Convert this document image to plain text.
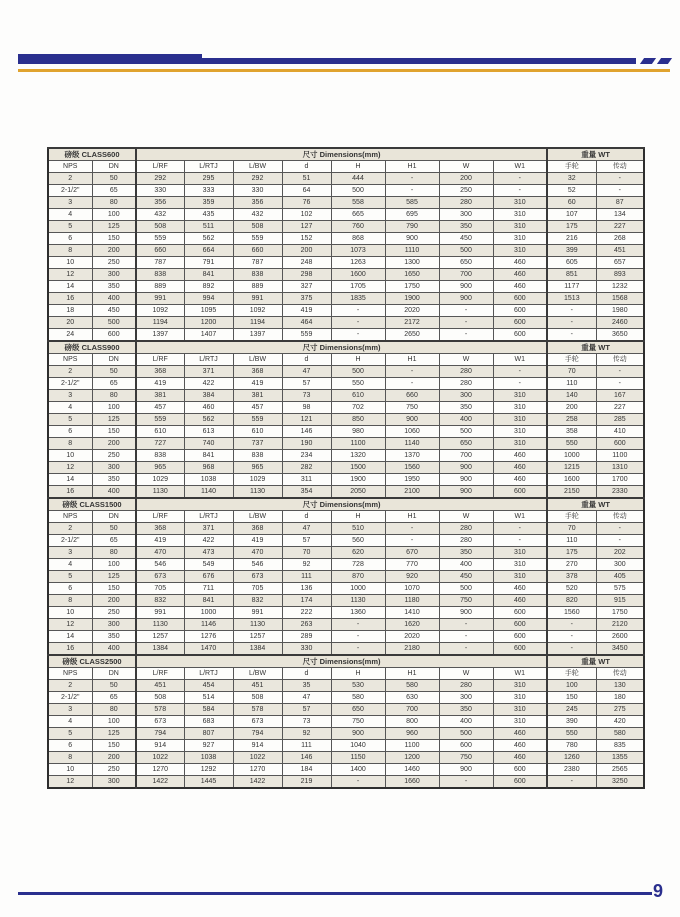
磅级 CLASS600		尺寸 Dimensions(mm)								重量 WT	
NPS	DN	L/RF	L/RTJ	L/BW	d	H	H1	W	W1	手轮	传动
2	50	292	295	292	51	444	-	200	-	32	-
2-1/2"	65	330	333	330	64	500	-	250	-	52	-
3	80	356	359	356	76	558	585	280	310	60	87
4	100	432	435	432	102	665	695	300	310	107	134
5	125	508	511	508	127	760	790	350	310	175	227
6	150	559	562	559	152	868	900	450	310	216	268
8	200	660	664	660	200	1073	1110	500	310	399	451
10	250	787	791	787	248	1263	1300	650	460	605	657
12	300	838	841	838	298	1600	1650	700	460	851	893
14	350	889	892	889	327	1705	1750	900	460	1177	1232
16	400	991	994	991	375	1835	1900	900	600	1513	1568
18	450	1092	1095	1092	419	-	2020	-	600	-	1980
20	500	1194	1200	1194	464	-	2172	-	600	-	2460
24	600	1397	1407	1397	559	-	2650	-	600	-	3650
磅级 CLASS900		尺寸 Dimensions(mm)								重量 WT	
NPS	DN	L/RF	L/RTJ	L/BW	d	H	H1	W	W1	手轮	传动
2	50	368	371	368	47	500	-	280	-	70	-
2-1/2"	65	419	422	419	57	550	-	280	-	110	-
3	80	381	384	381	73	610	660	300	310	140	167
4	100	457	460	457	98	702	750	350	310	200	227
5	125	559	562	559	121	850	900	400	310	258	285
6	150	610	613	610	146	980	1060	500	310	358	410
8	200	727	740	737	190	1100	1140	650	310	550	600
10	250	838	841	838	234	1320	1370	700	460	1000	1100
12	300	965	968	965	282	1500	1560	900	460	1215	1310
14	350	1029	1038	1029	311	1900	1950	900	460	1600	1700
16	400	1130	1140	1130	354	2050	2100	900	600	2150	2330
磅级 CLASS1500		尺寸 Dimensions(mm)								重量 WT	
NPS	DN	L/RF	L/RTJ	L/BW	d	H	H1	W	W1	手轮	传动
2	50	368	371	368	47	510	-	280	-	70	-
2-1/2"	65	419	422	419	57	560	-	280	-	110	-
3	80	470	473	470	70	620	670	350	310	175	202
4	100	546	549	546	92	728	770	400	310	270	300
5	125	673	676	673	111	870	920	450	310	378	405
6	150	705	711	705	136	1000	1070	500	460	520	575
8	200	832	841	832	174	1130	1180	750	460	820	915
10	250	991	1000	991	222	1360	1410	900	600	1560	1750
12	300	1130	1146	1130	263	-	1620	-	600	-	2120
14	350	1257	1276	1257	289	-	2020	-	600	-	2600
16	400	1384	1470	1384	330	-	2180	-	600	-	3450
磅级 CLASS2500		尺寸 Dimensions(mm)								重量 WT	
NPS	DN	L/RF	L/RTJ	L/BW	d	H	H1	W	W1	手轮	传动
2	50	451	454	451	35	530	580	280	310	100	130
2-1/2"	65	508	514	508	47	580	630	300	310	150	180
3	80	578	584	578	57	650	700	350	310	245	275
4	100	673	683	673	73	750	800	400	310	390	420
5	125	794	807	794	92	900	960	500	460	550	580
6	150	914	927	914	111	1040	1100	600	460	780	835
8	200	1022	1038	1022	146	1150	1200	750	460	1260	1355
10	250	1270	1292	1270	184	1400	1460	900	600	2380	2565
12	300	1422	1445	1422	219	-	1660	-	600	-	3250
9
